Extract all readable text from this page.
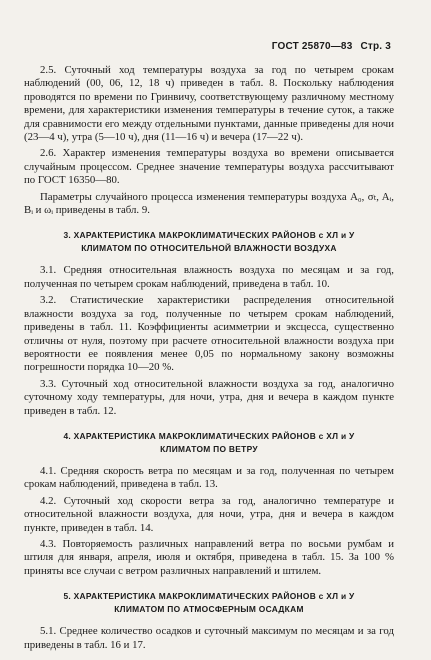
ГОСТ 25870—83 Стр. 3

2.5. Суточный ход температуры воздуха за год по четырем срокам наблюдений (00, 06, 12, 18 ч) приведен в табл. 8. Поскольку наблюдения проводятся по времени по Гринвичу, соответствующему различному местному времени, для характеристики изменения температуры в течение суток, а также для сравнимости его между отдельными пунктами, данные приведены для ночи (23—4 ч), утра (5—10 ч), дня (11—16 ч) и вечера (17—22 ч).

2.6. Характер изменения температуры воздуха во времени описывается случайным процессом. Среднее значение температуры воздуха рассчитывают по ГОСТ 16350—80.

Параметры случайного процесса изменения температуры воздуха A₀, σₜ, Aᵢ, Bᵢ и ωᵢ приведены в табл. 9.

3. ХАРАКТЕРИСТИКА МАКРОКЛИМАТИЧЕСКИХ РАЙОНОВ с ХЛ и У
КЛИМАТОМ ПО ОТНОСИТЕЛЬНОЙ ВЛАЖНОСТИ ВОЗДУХА

3.1. Средняя относительная влажность воздуха по месяцам и за год, полученная по четырем срокам наблюдений, приведена в табл. 10.

3.2. Статистические характеристики распределения относительной влажности воздуха за год, полученные по четырем срокам наблюдений, приведены в табл. 11. Коэффициенты асимметрии и эксцесса, существенно отличны от нуля, поэтому при расчете относительной влажности воздуха при вероятности ее появления менее 0,05 по нормальному закону возможны погрешности порядка 10—20 %.

3.3. Суточный ход относительной влажности воздуха за год, аналогично суточному ходу температуры, для ночи, утра, дня и вечера в каждом пункте приведен в табл. 12.

4. ХАРАКТЕРИСТИКА МАКРОКЛИМАТИЧЕСКИХ РАЙОНОВ с ХЛ и У
КЛИМАТОМ ПО ВЕТРУ

4.1. Средняя скорость ветра по месяцам и за год, полученная по четырем срокам наблюдений, приведена в табл. 13.

4.2. Суточный ход скорости ветра за год, аналогично температуре и относительной влажности воздуха, для ночи, утра, дня и вечера в каждом пункте, приведен в табл. 14.

4.3. Повторяемость различных направлений ветра по восьми румбам и штиля для января, апреля, июля и октября, приведена в табл. 15. За 100 % приняты все случаи с ветром различных направлений и штилем.

5. ХАРАКТЕРИСТИКА МАКРОКЛИМАТИЧЕСКИХ РАЙОНОВ с ХЛ и У
КЛИМАТОМ ПО АТМОСФЕРНЫМ ОСАДКАМ

5.1. Среднее количество осадков и суточный максимум по месяцам и за год приведены в табл. 16 и 17.
